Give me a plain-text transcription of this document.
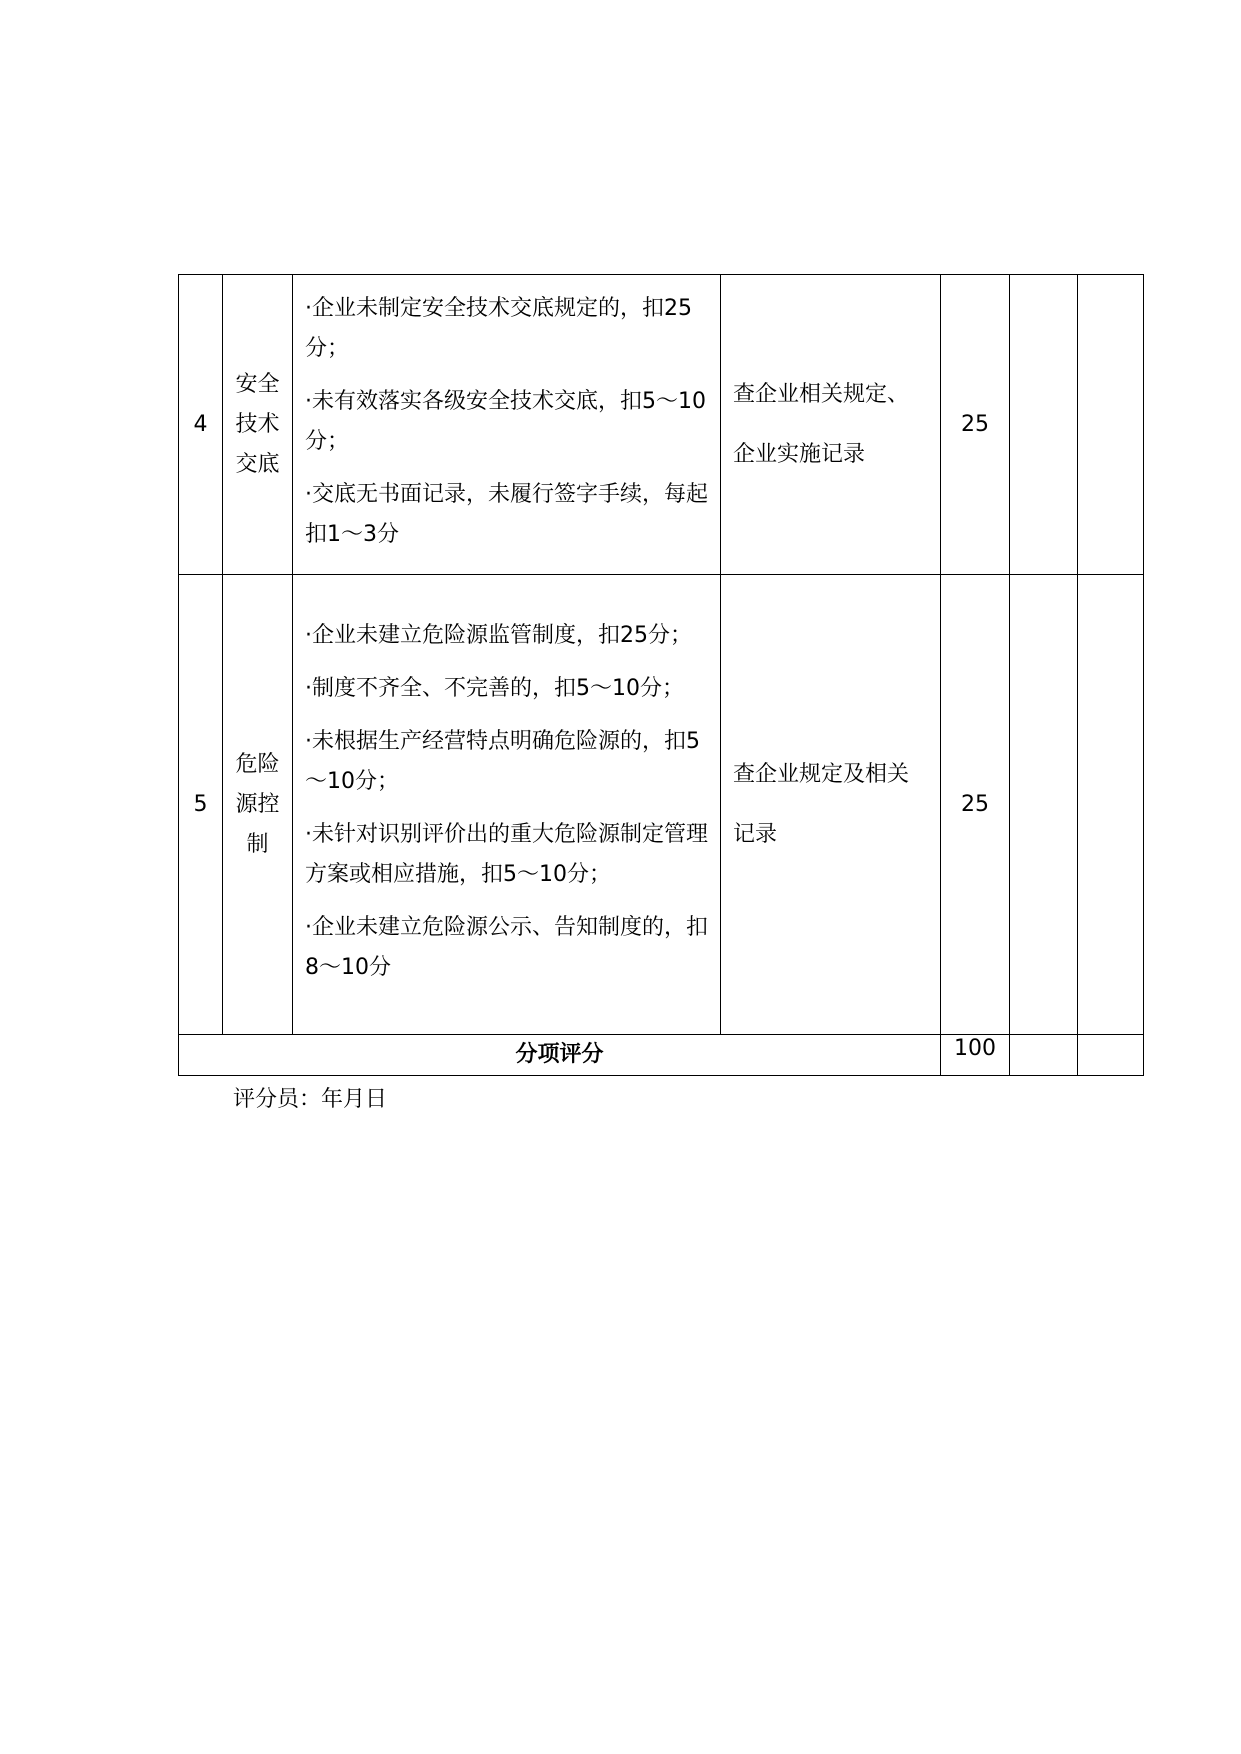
4	安全技术交底	·企业未制定安全技术交底规定的，扣25分；
·未有效落实各级安全技术交底，扣5～10分；
·交底无书面记录，未履行签字手续，每起扣1～3分	查企业相关规定、企业实施记录	25		
5	危险源控制	·企业未建立危险源监管制度，扣25分；
·制度不齐全、不完善的，扣5～10分；
·未根据生产经营特点明确危险源的，扣5～10分；
·未针对识别评价出的重大危险源制定管理方案或相应措施，扣5～10分；
·企业未建立危险源公示、告知制度的，扣8～10分	查企业规定及相关记录	25		
分项评分				100		
评分员：年月日
